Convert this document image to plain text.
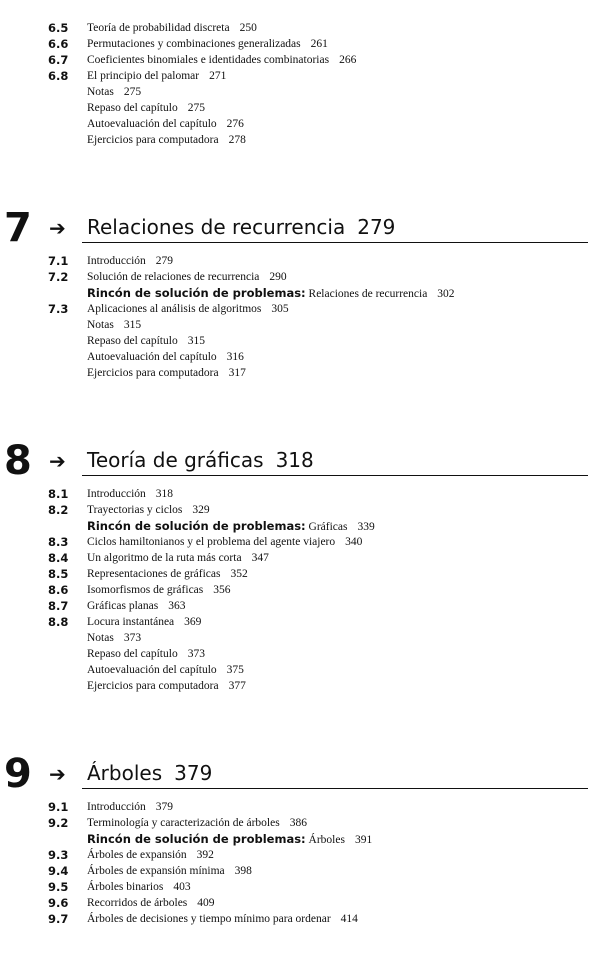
6.5	Teoría de probabilidad discreta 250
6.6	Permutaciones y combinaciones generalizadas 261
6.7	Coeficientes binomiales e identidades combinatorias 266
6.8	El principio del palomar 271
Notas 275
Repaso del capítulo 275
Autoevaluación del capítulo 276
Ejercicios para computadora 278
7 ➔ Relaciones de recurrencia 279
7.1	Introducción 279
7.2	Solución de relaciones de recurrencia 290
Rincón de solución de problemas: Relaciones de recurrencia 302
7.3	Aplicaciones al análisis de algoritmos 305
Notas 315
Repaso del capítulo 315
Autoevaluación del capítulo 316
Ejercicios para computadora 317
8 ➔ Teoría de gráficas 318
8.1	Introducción 318
8.2	Trayectorias y ciclos 329
Rincón de solución de problemas: Gráficas 339
8.3	Ciclos hamiltonianos y el problema del agente viajero 340
8.4	Un algoritmo de la ruta más corta 347
8.5	Representaciones de gráficas 352
8.6	Isomorfismos de gráficas 356
8.7	Gráficas planas 363
8.8	Locura instantánea 369
Notas 373
Repaso del capítulo 373
Autoevaluación del capítulo 375
Ejercicios para computadora 377
9 ➔ Árboles 379
9.1	Introducción 379
9.2	Terminología y caracterización de árboles 386
Rincón de solución de problemas: Árboles 391
9.3	Árboles de expansión 392
9.4	Árboles de expansión mínima 398
9.5	Árboles binarios 403
9.6	Recorridos de árboles 409
9.7	Árboles de decisiones y tiempo mínimo para ordenar 414
